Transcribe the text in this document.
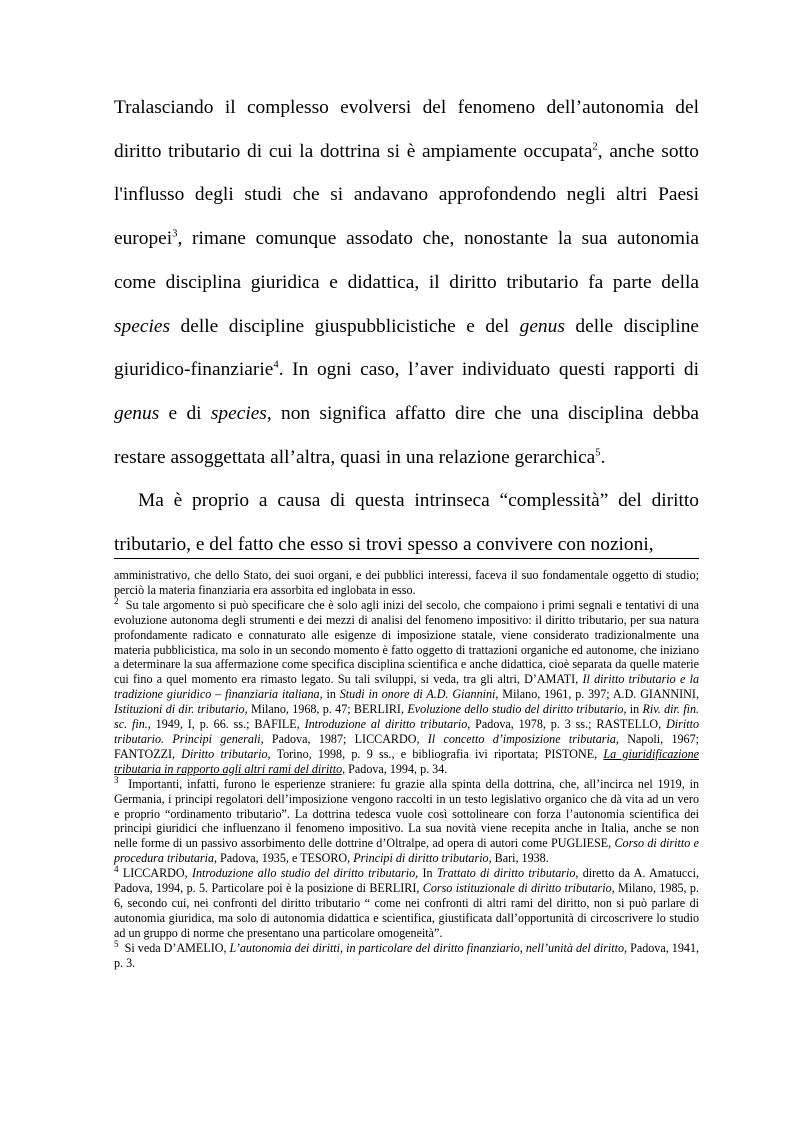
Tralasciando il complesso evolversi del fenomeno dell’autonomia del diritto tributario di cui la dottrina si è ampiamente occupata$^2$, anche sotto l'influsso degli studi che si andavano approfondendo negli altri Paesi europei$^3$, rimane comunque assodato che, nonostante la sua autonomia come disciplina giuridica e didattica, il diritto tributario fa parte della species delle discipline giuspubblicistiche e del genus delle discipline giuridico-finanziarie$^4$. In ogni caso, l’aver individuato questi rapporti di genus e di species, non significa affatto dire che una disciplina debba restare assoggettata all’altra, quasi in una relazione gerarchica$^5$.

Ma è proprio a causa di questa intrinseca “complessità” del diritto tributario, e del fatto che esso si trovi spesso a convivere con nozioni,

amministrativo, che dello Stato, dei suoi organi, e dei pubblici interessi, faceva il suo fondamentale oggetto di studio; perciò la materia finanziaria era assorbita ed inglobata in esso.

$^2$ Su tale argomento si può specificare che è solo agli inizi del secolo, che compaiono i primi segnali e tentativi di una evoluzione autonoma degli strumenti e dei mezzi di analisi del fenomeno impositivo: il diritto tributario, per sua natura profondamente radicato e connaturato alle esigenze di imposizione statale, viene considerato tradizionalmente una materia pubblicistica, ma solo in un secondo momento è fatto oggetto di trattazioni organiche ed autonome, che iniziano a determinare la sua affermazione come specifica disciplina scientifica e anche didattica, cioè separata da quelle materie cui fino a quel momento era rimasto legato. Su tali sviluppi, si veda, tra gli altri, D’AMATI, Il diritto tributario e la tradizione giuridico – finanziaria italiana, in Studi in onore di A.D. Giannini, Milano, 1961, p. 397; A.D. GIANNINI, Istituzioni di dir. tributario, Milano, 1968, p. 47; BERLIRI, Evoluzione dello studio del diritto tributario, in Riv. dir. fin. sc. fin., 1949, I, p. 66. ss.; BAFILE, Introduzione al diritto tributario, Padova, 1978, p. 3 ss.; RASTELLO, Diritto tributario. Principi generali, Padova, 1987; LICCARDO, Il concetto d’imposizione tributaria, Napoli, 1967; FANTOZZI, Diritto tributario, Torino, 1998, p. 9 ss., e bibliografia ivi riportata; PISTONE, La giuridificazione tributaria in rapporto agli altri rami del diritto, Padova, 1994, p. 34.

$^3$ Importanti, infatti, furono le esperienze straniere: fu grazie alla spinta della dottrina, che, all’incirca nel 1919, in Germania, i principi regolatori dell’imposizione vengono raccolti in un testo legislativo organico che dà vita ad un vero e proprio “ordinamento tributario”. La dottrina tedesca vuole così sottolineare con forza l’autonomia scientifica dei principi giuridici che influenzano il fenomeno impositivo. La sua novità viene recepita anche in Italia, anche se non nelle forme di un passivo assorbimento delle dottrine d’Oltralpe, ad opera di autori come PUGLIESE, Corso di diritto e procedura tributaria, Padova, 1935, e TESORO, Principi di diritto tributario, Bari, 1938.

$^4$ LICCARDO, Introduzione allo studio del diritto tributario, In Trattato di diritto tributario, diretto da A. Amatucci, Padova, 1994, p. 5. Particolare poi è la posizione di BERLIRI, Corso istituzionale di diritto tributario, Milano, 1985, p. 6, secondo cui, nei confronti del diritto tributario “ come nei confronti di altri rami del diritto, non si può parlare di autonomia giuridica, ma solo di autonomia didattica e scientifica, giustificata dall’opportunità di circoscrivere lo studio ad un gruppo di norme che presentano una particolare omogeneità”.

$^5$ Si veda D’AMELIO, L’autonomia dei diritti, in particolare del diritto finanziario, nell’unità del diritto, Padova, 1941, p. 3.
